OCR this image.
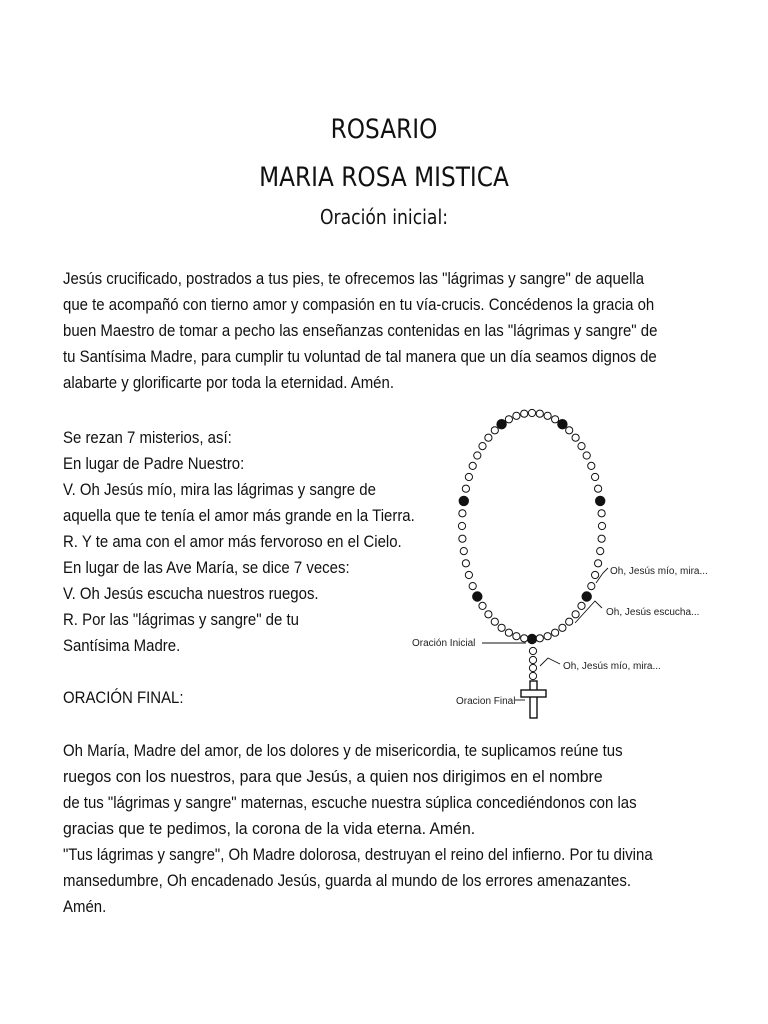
ROSARIO
MARIA ROSA MISTICA
Oración inicial:
Jesús crucificado, postrados a tus pies, te ofrecemos las "lágrimas y sangre" de aquella
que te acompañó con tierno amor y compasión en tu vía-crucis. Concédenos la gracia oh
buen Maestro de tomar a pecho las enseñanzas contenidas en las "lágrimas y sangre" de
tu Santísima Madre, para cumplir tu voluntad de tal manera que un día seamos dignos de
alabarte y glorificarte por toda la eternidad. Amén.
Se rezan 7 misterios, así:
En lugar de Padre Nuestro:
V. Oh Jesús mío, mira las lágrimas y sangre de
aquella que te tenía el amor más grande en la Tierra.
R. Y te ama con el amor más fervoroso en el Cielo.
En lugar de las Ave María, se dice 7 veces:
V. Oh Jesús escucha nuestros ruegos.
R. Por las "lágrimas y sangre" de tu
Santísima Madre.
ORACIÓN FINAL:
Oh María, Madre del amor, de los dolores y de misericordia, te suplicamos reúne tus
ruegos con los nuestros, para que Jesús, a quien nos dirigimos en el nombre
de tus "lágrimas y sangre" maternas, escuche nuestra súplica concediéndonos con las
gracias que te pedimos, la corona de la vida eterna. Amén.
"Tus lágrimas y sangre", Oh Madre dolorosa, destruyan el reino del infierno. Por tu divina
mansedumbre, Oh encadenado Jesús, guarda al mundo de los errores amenazantes.
Amén.
Oh, Jesús mío, mira...
Oh, Jesús escucha...
Oración Inicial
Oh, Jesús mío, mira...
Oracion Final
